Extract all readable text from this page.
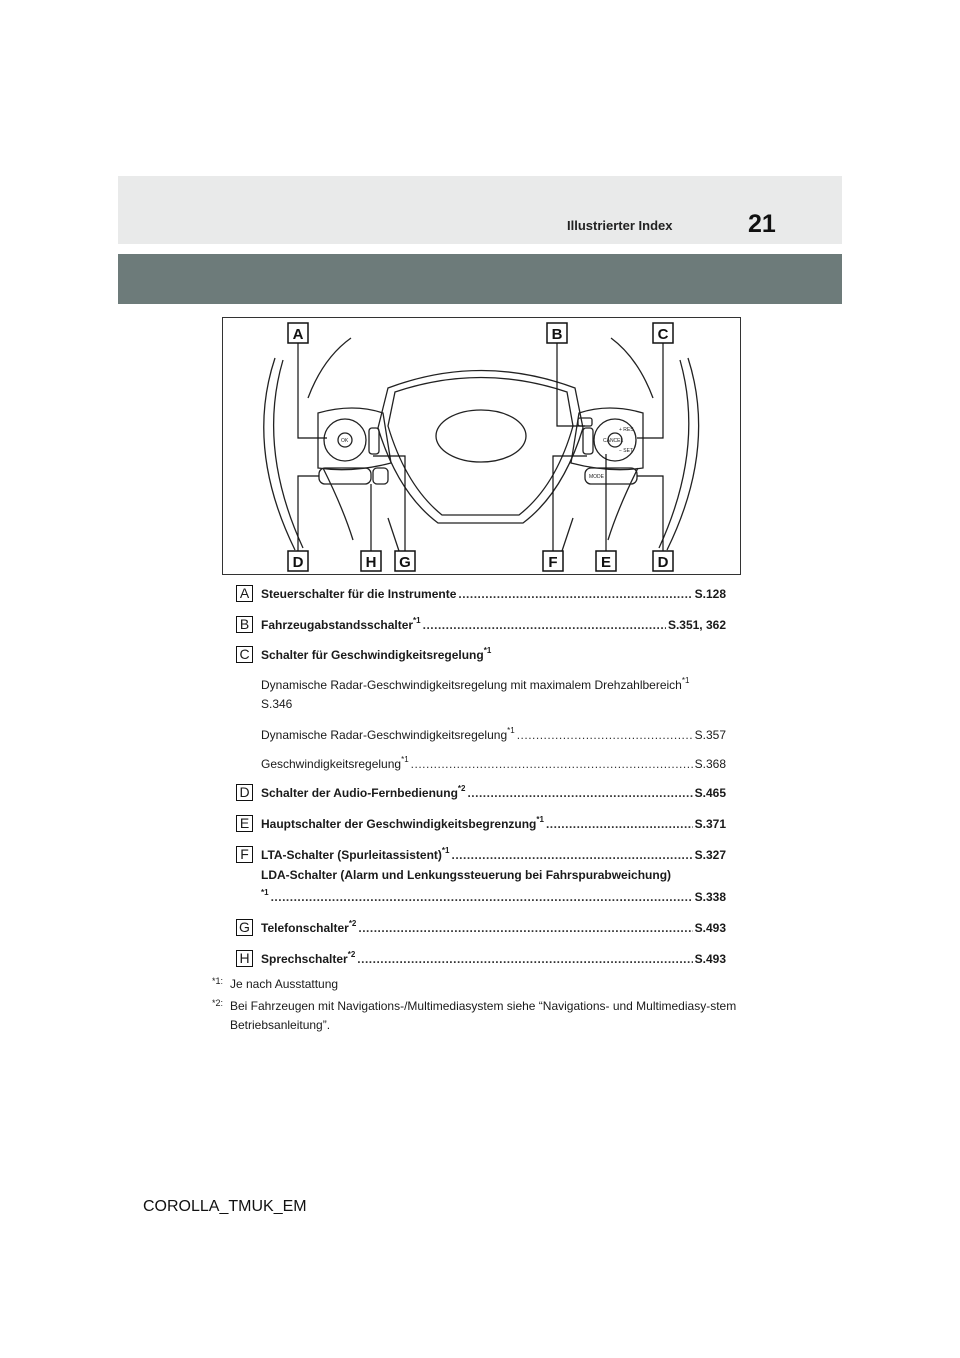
Illustrierter Index	21
OK
+ RES
CANCEL
− SET
MODE
A	B	C
D	H G	F	E	D
A Steuerschalter für die Instrumente .....	S.128
B Fahrzeugabstandsschalter$^{*1}$ .....	S.351, 362
C Schalter für Geschwindigkeitsregelung$^{*1}$
Dynamische Radar-Geschwindigkeitsregelung mit maximalem Drehzahlbereich$^{*1}$
S.346
Dynamische Radar-Geschwindigkeitsregelung$^{*1}$ .....	S.357
Geschwindigkeitsregelung$^{*1}$ .....	S.368
D Schalter der Audio-Fernbedienung$^{*2}$ .....	S.465
E Hauptschalter der Geschwindigkeitsbegrenzung$^{*1}$ .....	S.371
F	LTA-Schalter (Spurleitassistent)$^{*1}$ .....	S.327
LDA-Schalter (Alarm und Lenkungssteuerung bei Fahrspurabweichung)
$^{*1}$ .....	S.338
G Telefonschalter$^{*2}$ .....	S.493
H Sprechschalter$^{*2}$ .....	S.493
*1: Je nach Ausstattung
*2: Bei Fahrzeugen mit Navigations-/Multimediasystem siehe “Navigations- und Multimediasy-stem Betriebsanleitung”.
COROLLA_TMUK_EM
